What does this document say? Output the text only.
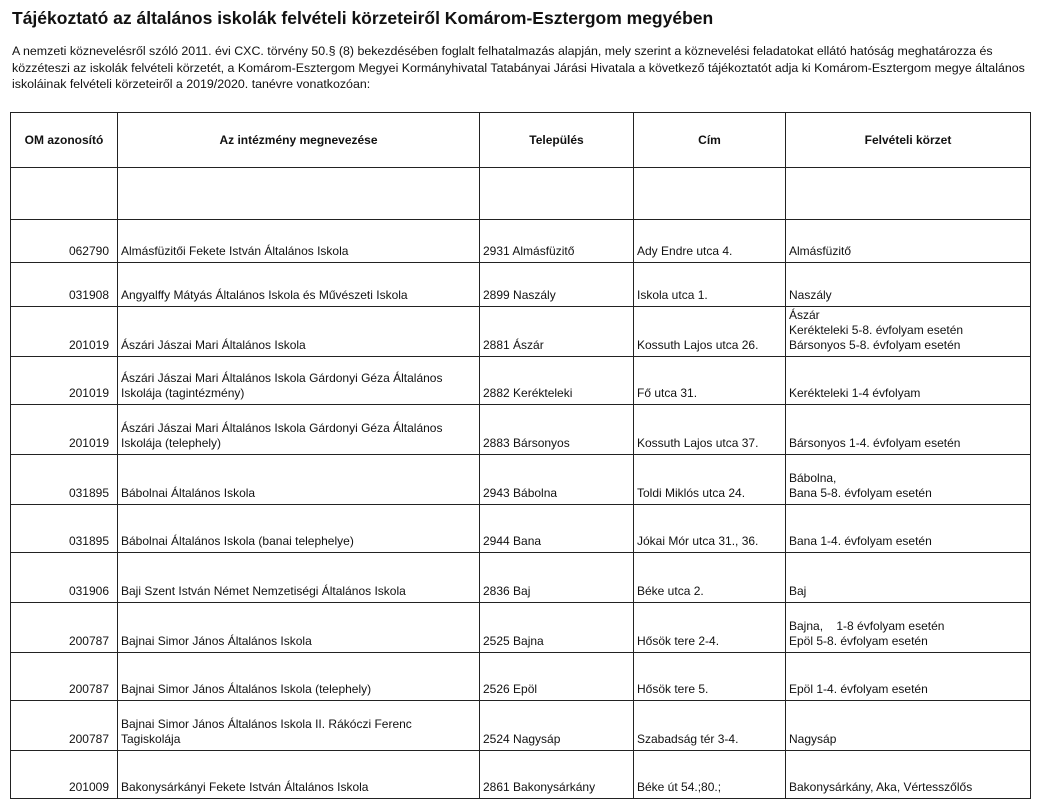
Tájékoztató az általános iskolák felvételi körzeteiről Komárom-Esztergom megyében
A nemzeti köznevelésről szóló 2011. évi CXC. törvény 50.§ (8) bekezdésében foglalt felhatalmazás alapján, mely szerint a köznevelési feladatokat ellátó hatóság meghatározza és közzéteszi az iskolák felvételi körzetét, a Komárom-Esztergom Megyei Kormányhivatal Tatabányai Járási Hivatala a következő tájékoztatót adja ki Komárom-Esztergom megye általános iskoláinak felvételi körzeteiről a 2019/2020. tanévre vonatkozóan:
OM azonosító	Az intézmény megnevezése	Település	Cím	Felvételi körzet

062790	Almásfüzitői Fekete István Általános Iskola	2931 Almásfüzitő	Ady Endre utca 4.	Almásfüzitő

031908	Angyalffy Mátyás Általános Iskola és Művészeti Iskola	2899 Naszály	Iskola utca 1.	Naszály

201019	Ászári Jászai Mari Általános Iskola	2881 Ászár	Kossuth Lajos utca 26.	Ászár
Kerékteleki 5-8. évfolyam esetén
Bársonyos 5-8. évfolyam esetén

201019	Ászári Jászai Mari Általános Iskola Gárdonyi Géza Általános
Iskolája (tagintézmény)	2882 Kerékteleki	Fő utca 31.	Kerékteleki 1-4 évfolyam

201019	Ászári Jászai Mari Általános Iskola Gárdonyi Géza Általános
Iskolája (telephely)	2883 Bársonyos	Kossuth Lajos utca 37.	Bársonyos 1-4. évfolyam esetén

031895	Bábolnai Általános Iskola	2943 Bábolna	Toldi Miklós utca 24.	Bábolna,
Bana 5-8. évfolyam esetén

031895	Bábolnai Általános Iskola (banai telephelye)	2944 Bana	Jókai Mór utca 31., 36.	Bana 1-4. évfolyam esetén

031906	Baji Szent István Német Nemzetiségi Általános Iskola	2836 Baj	Béke utca 2.	Baj

200787	Bajnai Simor János Általános Iskola	2525 Bajna	Hősök tere 2-4.	Bajna,    1-8 évfolyam esetén
Epöl 5-8. évfolyam esetén

200787	Bajnai Simor János Általános Iskola (telephely)	2526 Epöl	Hősök tere 5.	Epöl 1-4. évfolyam esetén

200787	Bajnai Simor János Általános Iskola II. Rákóczi Ferenc
Tagiskolája	2524 Nagysáp	Szabadság tér 3-4.	Nagysáp

201009	Bakonysárkányi Fekete István Általános Iskola	2861 Bakonysárkány	Béke út 54.;80.;	Bakonysárkány, Aka, Vértesszőlős
